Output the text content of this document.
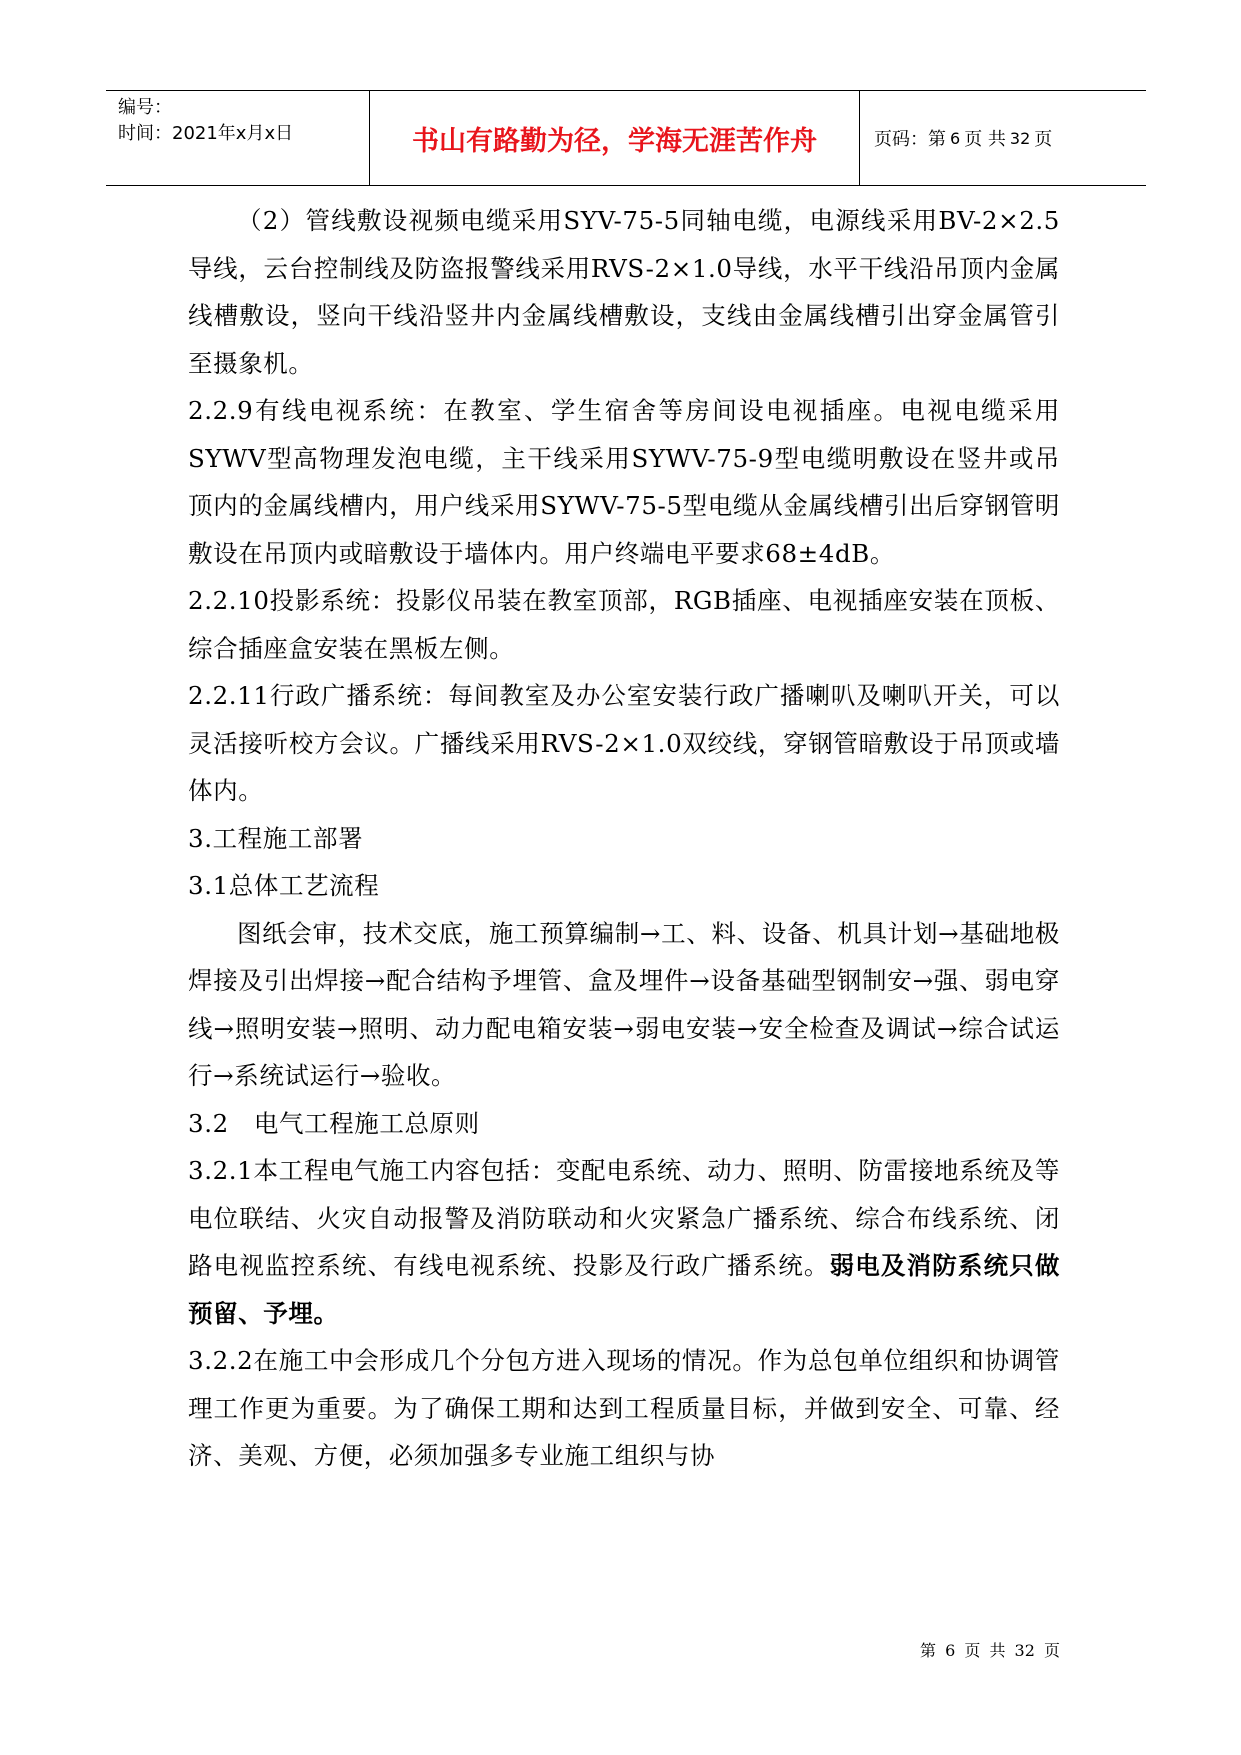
编号：
时间：2021年x月x日	书山有路勤为径，学海无涯苦作舟	页码：第 6 页 共 32 页

（2）管线敷设视频电缆采用SYV-75-5同轴电缆，电源线采用BV-2×2.5导线，云台控制线及防盗报警线采用RVS-2×1.0导线，水平干线沿吊顶内金属线槽敷设，竖向干线沿竖井内金属线槽敷设，支线由金属线槽引出穿金属管引至摄象机。

2.2.9有线电视系统：在教室、学生宿舍等房间设电视插座。电视电缆采用SYWV型高物理发泡电缆，主干线采用SYWV-75-9型电缆明敷设在竖井或吊顶内的金属线槽内，用户线采用SYWV-75-5型电缆从金属线槽引出后穿钢管明敷设在吊顶内或暗敷设于墙体内。用户终端电平要求68±4dB。

2.2.10投影系统：投影仪吊装在教室顶部，RGB插座、电视插座安装在顶板、综合插座盒安装在黑板左侧。

2.2.11行政广播系统：每间教室及办公室安装行政广播喇叭及喇叭开关，可以灵活接听校方会议。广播线采用RVS-2×1.0双绞线，穿钢管暗敷设于吊顶或墙体内。

3.工程施工部署

3.1总体工艺流程

图纸会审，技术交底，施工预算编制→工、料、设备、机具计划→基础地极焊接及引出焊接→配合结构予埋管、盒及埋件→设备基础型钢制安→强、弱电穿线→照明安装→照明、动力配电箱安装→弱电安装→安全检查及调试→综合试运行→系统试运行→验收。

3.2　电气工程施工总原则

3.2.1本工程电气施工内容包括：变配电系统、动力、照明、防雷接地系统及等电位联结、火灾自动报警及消防联动和火灾紧急广播系统、综合布线系统、闭路电视监控系统、有线电视系统、投影及行政广播系统。弱电及消防系统只做预留、予埋。

3.2.2在施工中会形成几个分包方进入现场的情况。作为总包单位组织和协调管理工作更为重要。为了确保工期和达到工程质量目标，并做到安全、可靠、经济、美观、方便，必须加强多专业施工组织与协

第 6 页 共 32 页
